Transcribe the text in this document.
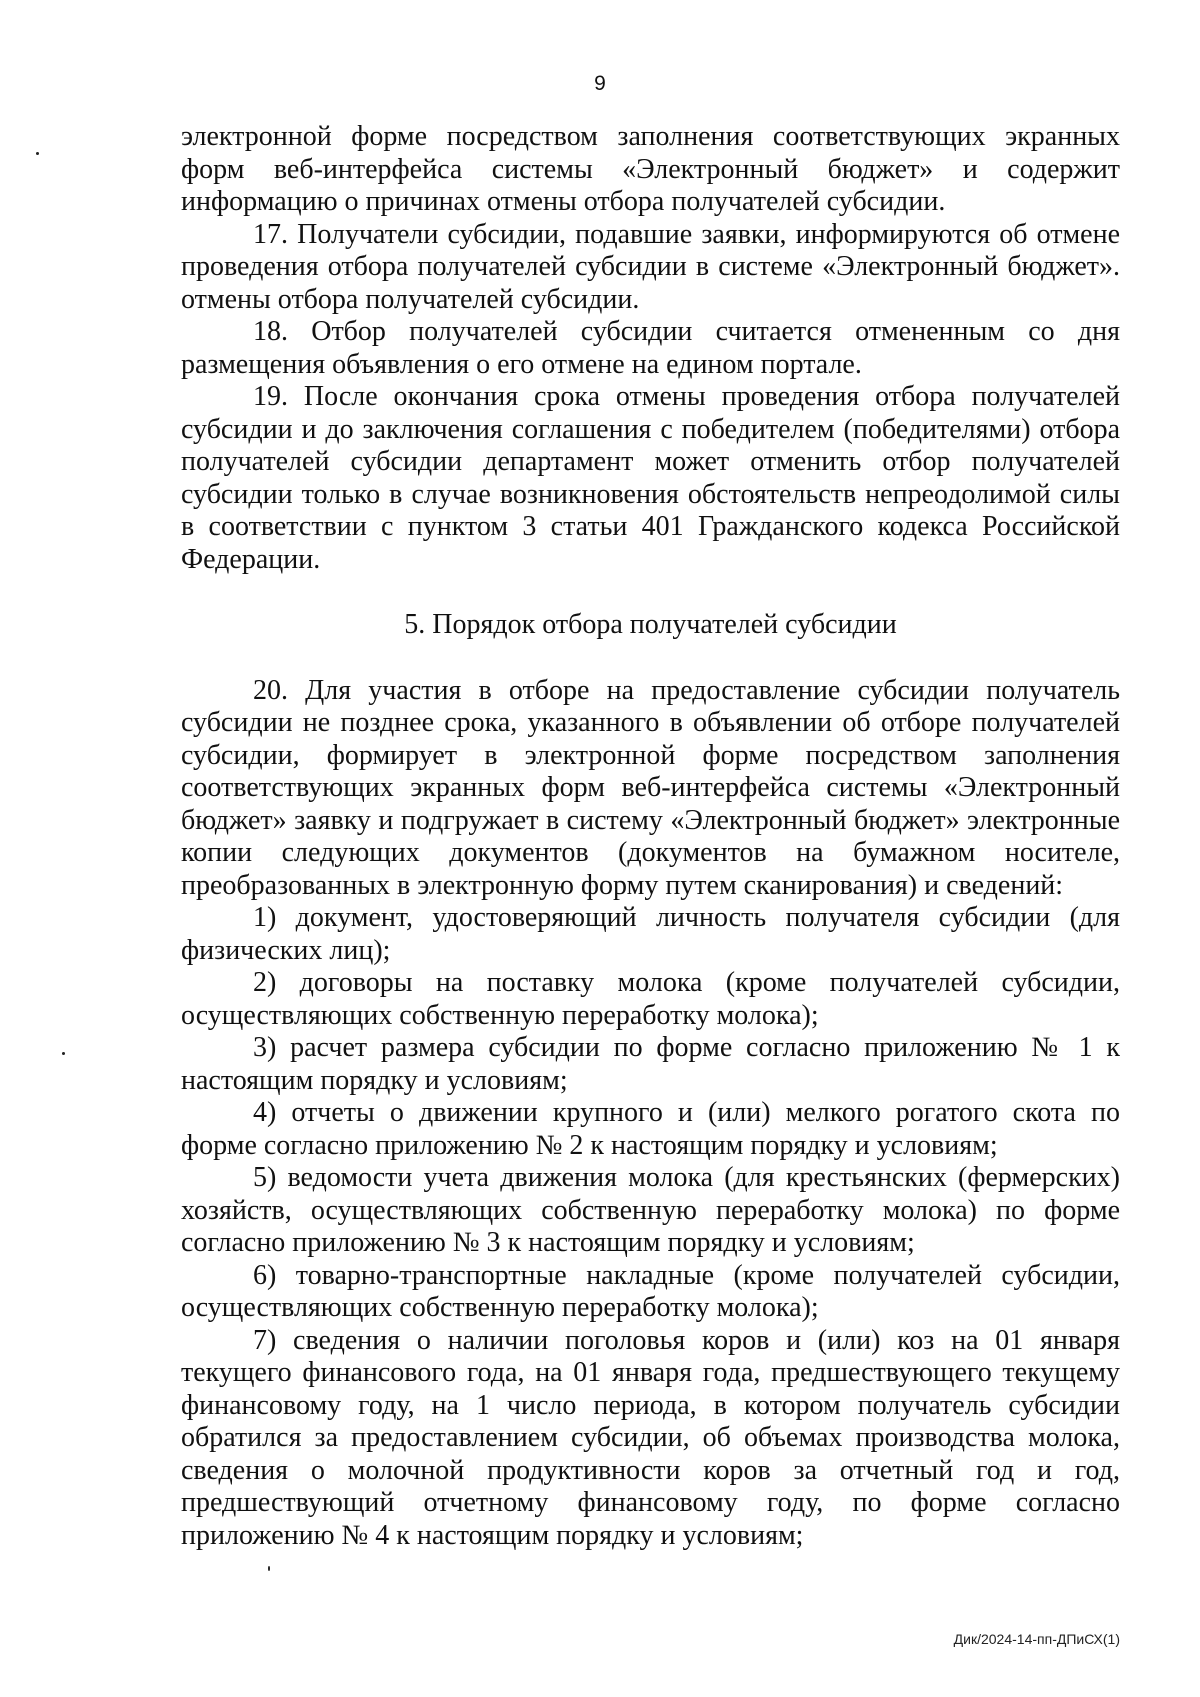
9

электронной форме посредством заполнения соответствующих экранных форм веб-интерфейса системы «Электронный бюджет» и содержит информацию о причинах отмены отбора получателей субсидии.

17. Получатели субсидии, подавшие заявки, информируются об отмене проведения отбора получателей субсидии в системе «Электронный бюджет». отмены отбора получателей субсидии.

18. Отбор получателей субсидии считается отмененным со дня размещения объявления о его отмене на едином портале.

19. После окончания срока отмены проведения отбора получателей субсидии и до заключения соглашения с победителем (победителями) отбора получателей субсидии департамент может отменить отбор получателей субсидии только в случае возникновения обстоятельств непреодолимой силы в соответствии с пунктом 3 статьи 401 Гражданского кодекса Российской Федерации.

5. Порядок отбора получателей субсидии

20. Для участия в отборе на предоставление субсидии получатель субсидии не позднее срока, указанного в объявлении об отборе получателей субсидии, формирует в электронной форме посредством заполнения соответствующих экранных форм веб-интерфейса системы «Электронный бюджет» заявку и подгружает в систему «Электронный бюджет» электронные копии следующих документов (документов на бумажном носителе, преобразованных в электронную форму путем сканирования) и сведений:

1) документ, удостоверяющий личность получателя субсидии (для физических лиц);

2) договоры на поставку молока (кроме получателей субсидии, осуществляющих собственную переработку молока);

3) расчет размера субсидии по форме согласно приложению № 1 к настоящим порядку и условиям;

4) отчеты о движении крупного и (или) мелкого рогатого скота по форме согласно приложению № 2 к настоящим порядку и условиям;

5) ведомости учета движения молока (для крестьянских (фермерских) хозяйств, осуществляющих собственную переработку молока) по форме согласно приложению № 3 к настоящим порядку и условиям;

6) товарно-транспортные накладные (кроме получателей субсидии, осуществляющих собственную переработку молока);

7) сведения о наличии поголовья коров и (или) коз на 01 января текущего финансового года, на 01 января года, предшествующего текущему финансовому году, на 1 число периода, в котором получатель субсидии обратился за предоставлением субсидии, об объемах производства молока, сведения о молочной продуктивности коров за отчетный год и год, предшествующий отчетному финансовому году, по форме согласно приложению № 4 к настоящим порядку и условиям;

Дик/2024-14-пп-ДПиСХ(1)
